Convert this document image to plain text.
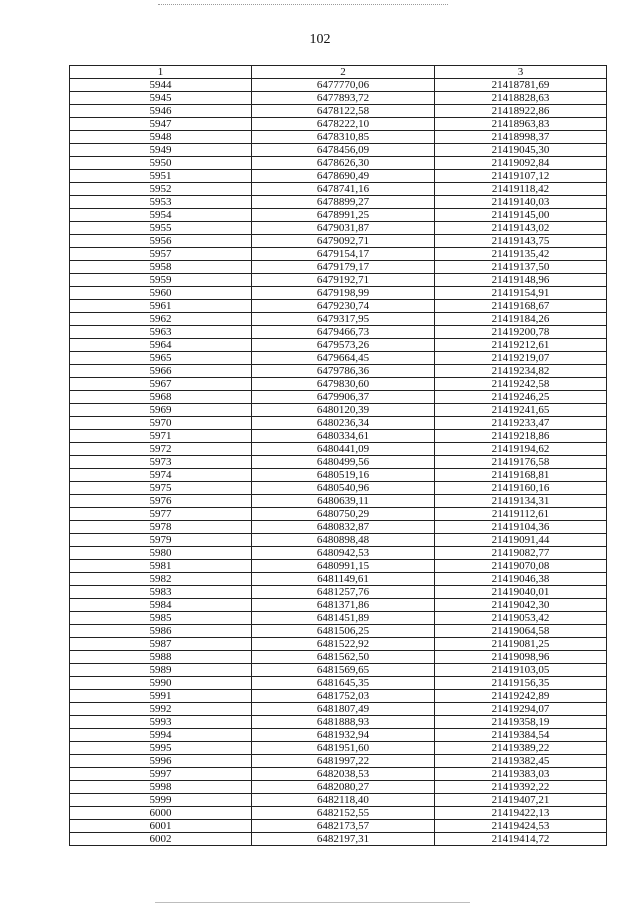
102
1	2	3
5944	6477770,06	21418781,69
5945	6477893,72	21418828,63
5946	6478122,58	21418922,86
5947	6478222,10	21418963,83
5948	6478310,85	21418998,37
5949	6478456,09	21419045,30
5950	6478626,30	21419092,84
5951	6478690,49	21419107,12
5952	6478741,16	21419118,42
5953	6478899,27	21419140,03
5954	6478991,25	21419145,00
5955	6479031,87	21419143,02
5956	6479092,71	21419143,75
5957	6479154,17	21419135,42
5958	6479179,17	21419137,50
5959	6479192,71	21419148,96
5960	6479198,99	21419154,91
5961	6479230,74	21419168,67
5962	6479317,95	21419184,26
5963	6479466,73	21419200,78
5964	6479573,26	21419212,61
5965	6479664,45	21419219,07
5966	6479786,36	21419234,82
5967	6479830,60	21419242,58
5968	6479906,37	21419246,25
5969	6480120,39	21419241,65
5970	6480236,34	21419233,47
5971	6480334,61	21419218,86
5972	6480441,09	21419194,62
5973	6480499,56	21419176,58
5974	6480519,16	21419168,81
5975	6480540,96	21419160,16
5976	6480639,11	21419134,31
5977	6480750,29	21419112,61
5978	6480832,87	21419104,36
5979	6480898,48	21419091,44
5980	6480942,53	21419082,77
5981	6480991,15	21419070,08
5982	6481149,61	21419046,38
5983	6481257,76	21419040,01
5984	6481371,86	21419042,30
5985	6481451,89	21419053,42
5986	6481506,25	21419064,58
5987	6481522,92	21419081,25
5988	6481562,50	21419098,96
5989	6481569,65	21419103,05
5990	6481645,35	21419156,35
5991	6481752,03	21419242,89
5992	6481807,49	21419294,07
5993	6481888,93	21419358,19
5994	6481932,94	21419384,54
5995	6481951,60	21419389,22
5996	6481997,22	21419382,45
5997	6482038,53	21419383,03
5998	6482080,27	21419392,22
5999	6482118,40	21419407,21
6000	6482152,55	21419422,13
6001	6482173,57	21419424,53
6002	6482197,31	21419414,72
